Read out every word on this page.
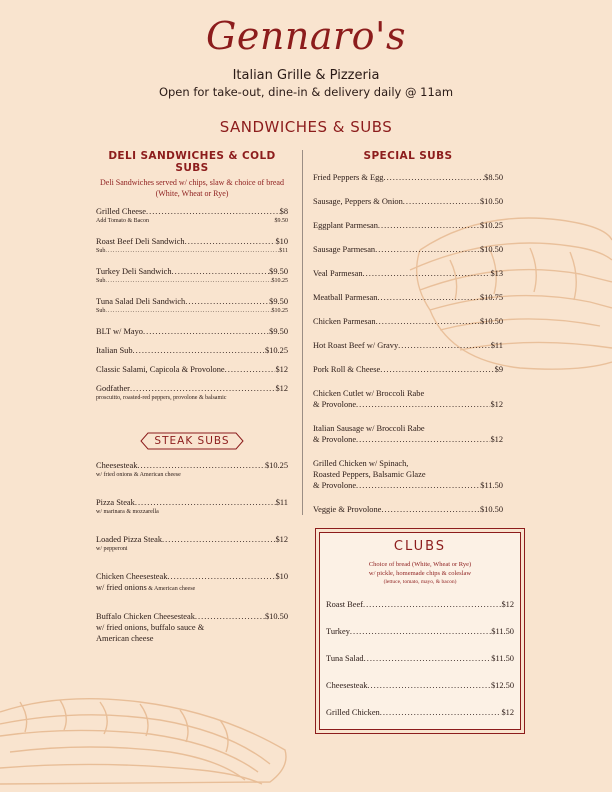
Gennaro's
Italian Grille & Pizzeria
Open for take-out, dine-in & delivery daily @ 11am
SANDWICHES & SUBS
DELI SANDWICHES & COLD SUBS
Deli Sandwiches served w/ chips, slaw & choice of bread (White, Wheat or Rye)
Grilled Cheese .....	$8
Add Tomato & Bacon	$9.50
Roast Beef Deli Sandwich .....	$10
Sub .....	$11
Turkey Deli Sandwich .....	$9.50
Sub .....	$10.25
Tuna Salad Deli Sandwich .....	$9.50
Sub .....	$10.25
BLT w/ Mayo .....	$9.50
Italian Sub .....	$10.25
Classic Salami, Capicola & Provolone .....	$12
Godfather .....	$12
proscuitto, roasted-red peppers, provolone & balsamic
STEAK SUBS
Cheesesteak .....	$10.25
w/ fried onions & American cheese
Pizza Steak .....	$11
w/ marinara & mozzarella
Loaded Pizza Steak .....	$12
w/ pepperoni
Chicken Cheesesteak .....	$10
w/ fried onions & American cheese
Buffalo Chicken Cheesesteak .....	$10.50
w/ fried onions, buffalo sauce &
American cheese
SPECIAL SUBS
Fried Peppers & Egg .....	$8.50
Sausage, Peppers & Onion .....	$10.50
Eggplant Parmesan .....	$10.25
Sausage Parmesan .....	$10.50
Veal Parmesan .....	$13
Meatball Parmesan .....	$10.75
Chicken Parmesan .....	$10.50
Hot Roast Beef w/ Gravy .....	$11
Pork Roll & Cheese .....	$9
Chicken Cutlet w/ Broccoli Rabe
& Provolone .....	$12
Italian Sausage w/ Broccoli Rabe
& Provolone .....	$12
Grilled Chicken w/ Spinach,
Roasted Peppers, Balsamic Glaze
& Provolone .....	$11.50
Veggie & Provolone .....	$10.50
CLUBS
Choice of bread (White, Wheat or Rye)
w/ pickle, homemade chips & coleslaw
(lettuce, tomato, mayo, & bacon)
Roast Beef .....	$12
Turkey .....	$11.50
Tuna Salad .....	$11.50
Cheesesteak .....	$12.50
Grilled Chicken .....	$12
